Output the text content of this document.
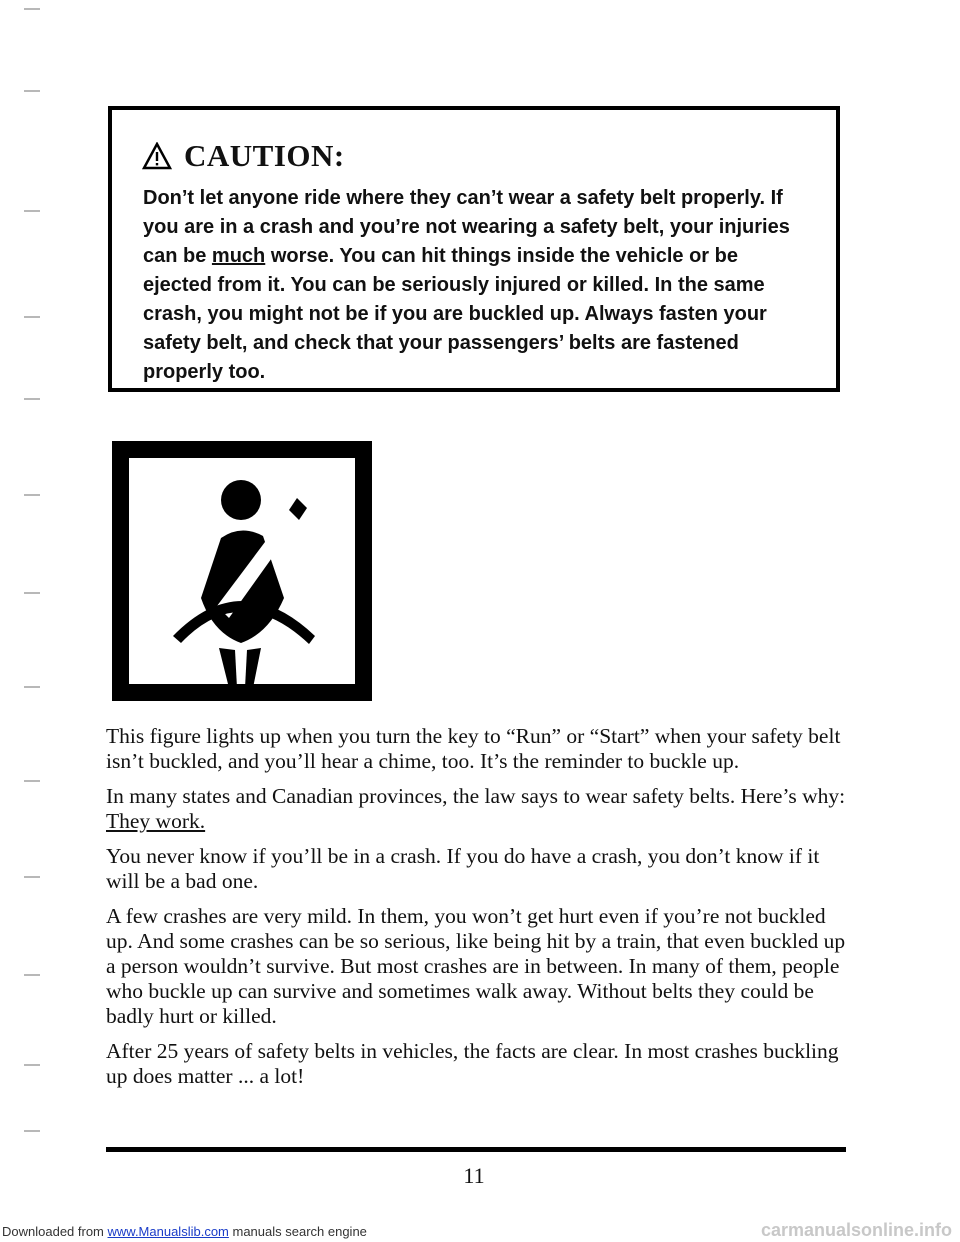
CAUTION:

Don’t let anyone ride where they can’t wear a safety belt properly. If you are in a crash and you’re not wearing a safety belt, your injuries can be much worse. You can hit things inside the vehicle or be ejected from it. You can be seriously injured or killed. In the same crash, you might not be if you are buckled up. Always fasten your safety belt, and check that your passengers’ belts are fastened properly too.

This figure lights up when you turn the key to “Run” or “Start” when your safety belt isn’t buckled, and you’ll hear a chime, too. It’s the reminder to buckle up.

In many states and Canadian provinces, the law says to wear safety belts. Here’s why: They work.

You never know if you’ll be in a crash. If you do have a crash, you don’t know if it will be a bad one.

A few crashes are very mild. In them, you won’t get hurt even if you’re not buckled up. And some crashes can be so serious, like being hit by a train, that even buckled up a person wouldn’t survive. But most crashes are in between. In many of them, people who buckle up can survive and sometimes walk away. Without belts they could be badly hurt or killed.

After 25 years of safety belts in vehicles, the facts are clear. In most crashes buckling up does matter ... a lot!

11
Downloaded from www.Manualslib.com manuals search engine	carmanualsonline.info
